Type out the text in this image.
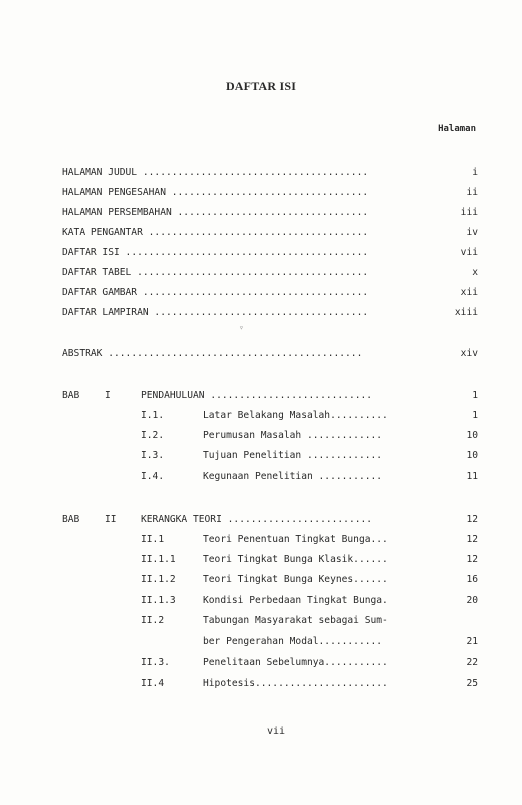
DAFTAR ISI
Halaman
HALAMAN JUDUL .......................................	i
HALAMAN PENGESAHAN ..................................	ii
HALAMAN PERSEMBAHAN .................................	iii
KATA PENGANTAR ......................................	iv
DAFTAR ISI ..........................................	vii
DAFTAR TABEL ........................................	x
DAFTAR GAMBAR .......................................	xii
DAFTAR LAMPIRAN .....................................	xiii
▿
ABSTRAK ............................................	xiv
BAB	I	PENDAHULUAN ............................	1
I.1.	Latar Belakang Masalah..........	1
I.2.	Perumusan Masalah .............	10
I.3.	Tujuan Penelitian .............	10
I.4.	Kegunaan Penelitian ...........	11
BAB	II	KERANGKA TEORI .........................	12
II.1	Teori Penentuan Tingkat Bunga...	12
II.1.1	Teori Tingkat Bunga Klasik......	12
II.1.2	Teori Tingkat Bunga Keynes......	16
II.1.3	Kondisi Perbedaan Tingkat Bunga.	20
II.2	Tabungan Masyarakat sebagai Sum-
ber Pengerahan Modal...........	21
II.3.	Penelitaan Sebelumnya...........	22
II.4	Hipotesis.......................	25
vii
